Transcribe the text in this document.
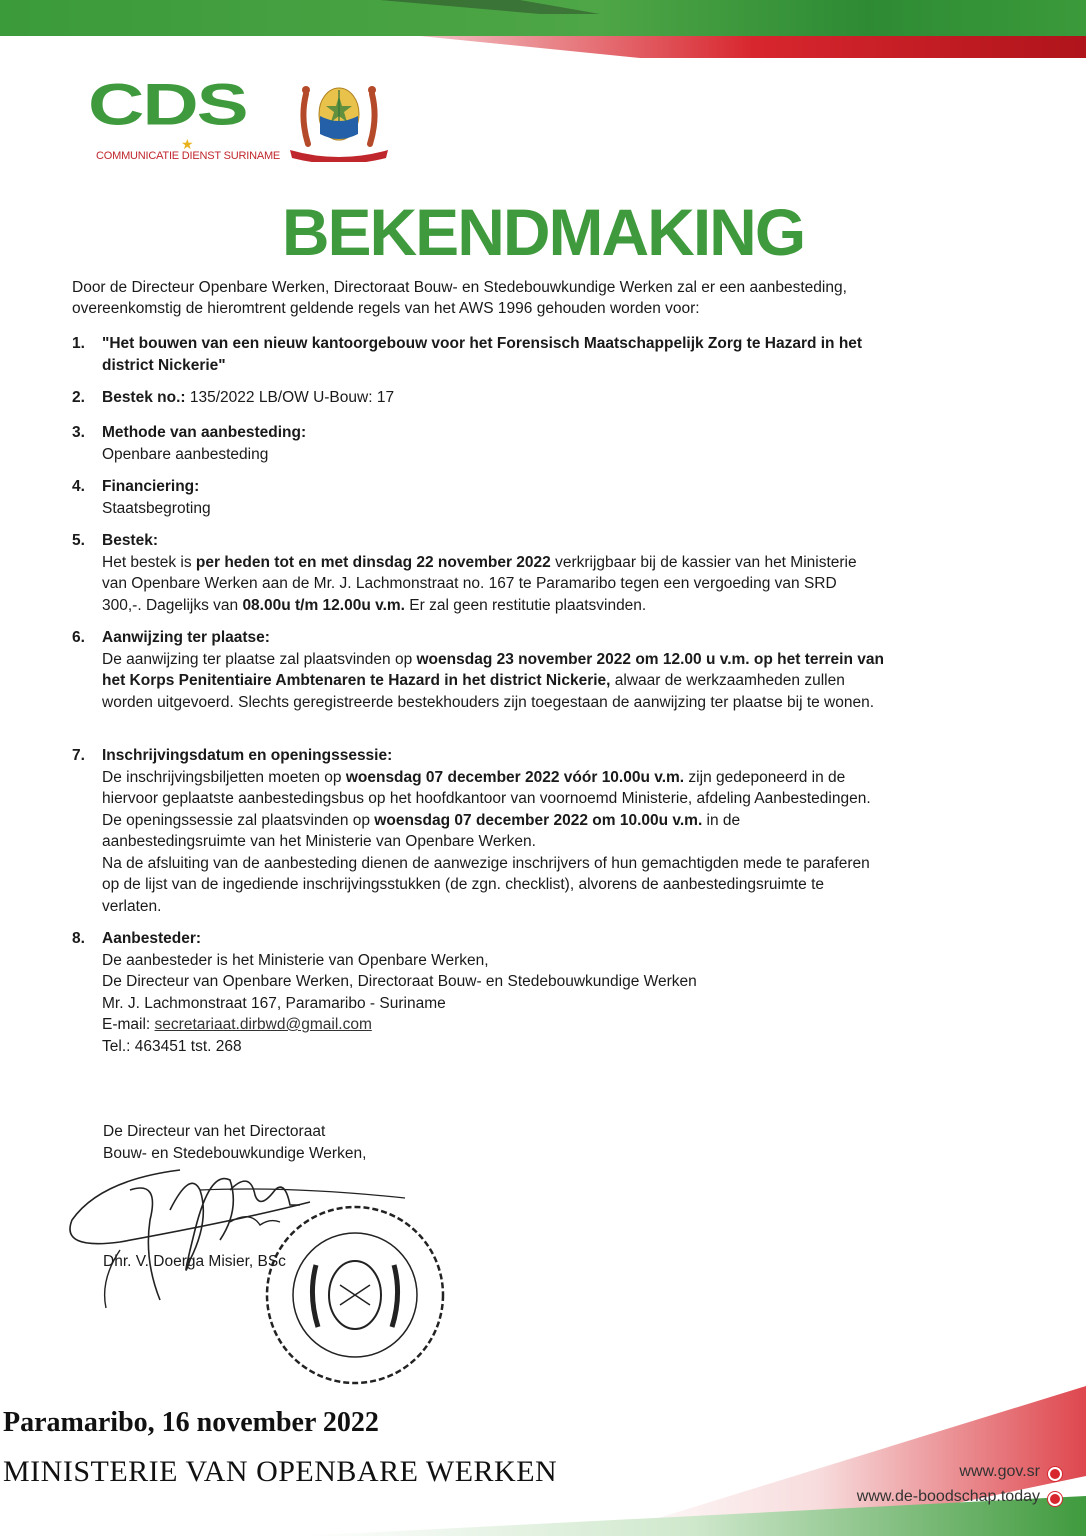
CDS
★
COMMUNICATIE DIENST SURINAME
BEKENDMAKING
Door de Directeur Openbare Werken, Directoraat Bouw- en Stedebouwkundige Werken zal er een aanbesteding, overeenkomstig de hieromtrent geldende regels van het AWS 1996 gehouden worden voor:
1. "Het bouwen van een nieuw kantoorgebouw voor het Forensisch Maatschappelijk Zorg te Hazard in het district Nickerie"
2. Bestek no.: 135/2022 LB/OW U-Bouw: 17
3. Methode van aanbesteding:
Openbare aanbesteding
4. Financiering:
Staatsbegroting
5. Bestek:
Het bestek is per heden tot en met dinsdag 22 november 2022 verkrijgbaar bij de kassier van het Ministerie van Openbare Werken aan de Mr. J. Lachmonstraat no. 167 te Paramaribo tegen een vergoeding van SRD 300,-. Dagelijks van 08.00u t/m 12.00u v.m. Er zal geen restitutie plaatsvinden.
6. Aanwijzing ter plaatse:
De aanwijzing ter plaatse zal plaatsvinden op woensdag 23 november 2022 om 12.00 u v.m. op het terrein van het Korps Penitentiaire Ambtenaren te Hazard in het district Nickerie, alwaar de werkzaamheden zullen worden uitgevoerd. Slechts geregistreerde bestekhouders zijn toegestaan de aanwijzing ter plaatse bij te wonen.
7. Inschrijvingsdatum en openingssessie:
De inschrijvingsbiljetten moeten op woensdag 07 december 2022 vóór 10.00u v.m. zijn gedeponeerd in de hiervoor geplaatste aanbestedingsbus op het hoofdkantoor van voornoemd Ministerie, afdeling Aanbestedingen. De openingssessie zal plaatsvinden op woensdag 07 december 2022 om 10.00u v.m. in de aanbestedingsruimte van het Ministerie van Openbare Werken.
Na de afsluiting van de aanbesteding dienen de aanwezige inschrijvers of hun gemachtigden mede te paraferen op de lijst van de ingediende inschrijvingsstukken (de zgn. checklist), alvorens de aanbestedingsruimte te verlaten.
8. Aanbesteder:
De aanbesteder is het Ministerie van Openbare Werken,
De Directeur van Openbare Werken, Directoraat Bouw- en Stedebouwkundige Werken
Mr. J. Lachmonstraat 167, Paramaribo - Suriname
E-mail: secretariaat.dirbwd@gmail.com
Tel.: 463451 tst. 268
De Directeur van het Directoraat
Bouw- en Stedebouwkundige Werken,
Dhr. V. Doerga Misier, BSc
Paramaribo, 16 november 2022
MINISTERIE VAN OPENBARE WERKEN	www.gov.sr
www.de-boodschap.today
